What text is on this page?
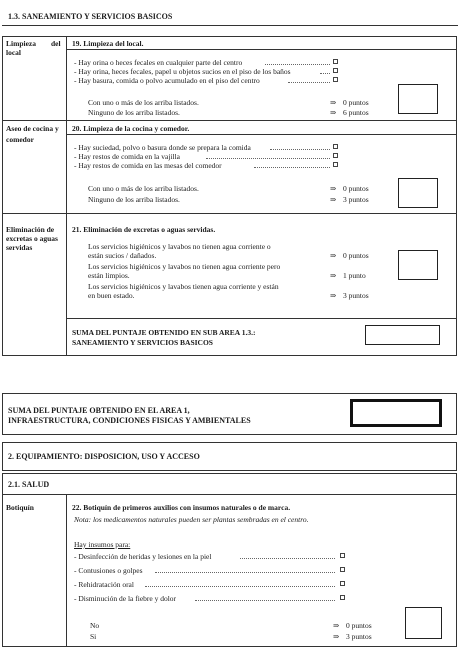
1.3. SANEAMIENTO Y SERVICIOS BASICOS
Limpieza        del
local
19. Limpieza del local.
- Hay orina o heces fecales en cualquier parte del centro
- Hay orina, heces fecales, papel u objetos sucios en el piso de los baños
- Hay basura, comida o polvo acumulado en el piso del centro
Con uno o más de los arriba listados.	⇒ 0 puntos
Ninguno de los arriba listados.	⇒ 6 puntos
Aseo de cocina y
comedor
20. Limpieza de la cocina y comedor.
- Hay suciedad, polvo o basura donde se prepara la comida
- Hay restos de comida en la vajilla
- Hay restos de comida en las mesas del comedor
Con uno o más de los arriba listados.	⇒ 0 puntos
Ninguno de los arriba listados.	⇒ 3 puntos
Eliminación de
excretas o aguas
servidas
21. Eliminación de excretas o aguas servidas.
Los servicios higiénicos y lavabos no tienen agua corriente o
están sucios / dañados.	⇒ 0 puntos
Los servicios higiénicos y lavabos no tienen agua corriente pero
están limpios.	⇒ 1 punto
Los servicios higiénicos y lavabos tienen agua corriente y están
en buen estado.	⇒ 3 puntos
SUMA DEL PUNTAJE OBTENIDO EN SUB AREA 1.3.:
SANEAMIENTO Y SERVICIOS BASICOS
SUMA DEL PUNTAJE OBTENIDO EN EL AREA 1,
INFRAESTRUCTURA, CONDICIONES FISICAS Y AMBIENTALES
2. EQUIPAMIENTO: DISPOSICION, USO Y ACCESO
2.1. SALUD
Botiquín	22. Botiquín de primeros auxilios con insumos naturales o de marca.
Nota: los medicamentos naturales pueden ser plantas sembradas en el centro.
Hay insumos para:
- Desinfección de heridas y lesiones en la piel
- Contusiones o golpes
- Rehidratación oral
- Disminución de la fiebre y dolor
No	⇒ 0 puntos
Si	⇒ 3 puntos
